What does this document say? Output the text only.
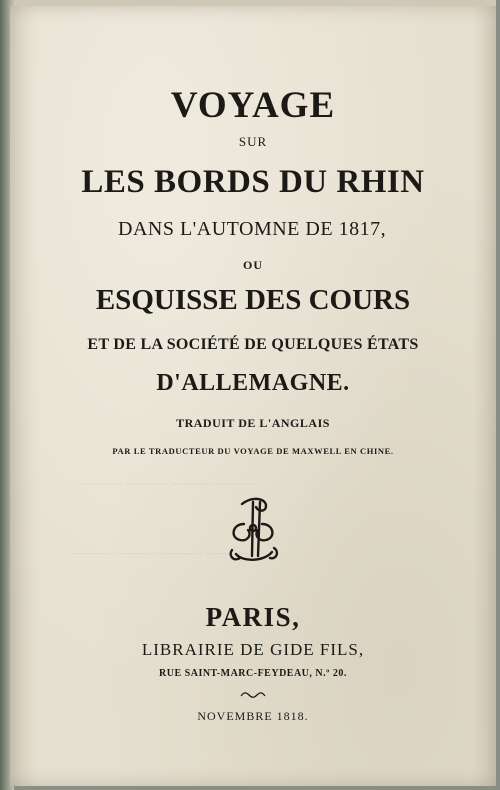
——— ——— ——— ———
——— ——— ——— ———
VOYAGE
SUR
LES BORDS DU RHIN
DANS L'AUTOMNE DE 1817,
OU
ESQUISSE DES COURS
ET DE LA SOCIÉTÉ DE QUELQUES ÉTATS
D'ALLEMAGNE.
TRADUIT DE L'ANGLAIS
PAR LE TRADUCTEUR DU VOYAGE DE MAXWELL EN CHINE.
PARIS,
LIBRAIRIE DE GIDE FILS,
RUE SAINT-MARC-FEYDEAU, N.º 20.
NOVEMBRE 1818.
